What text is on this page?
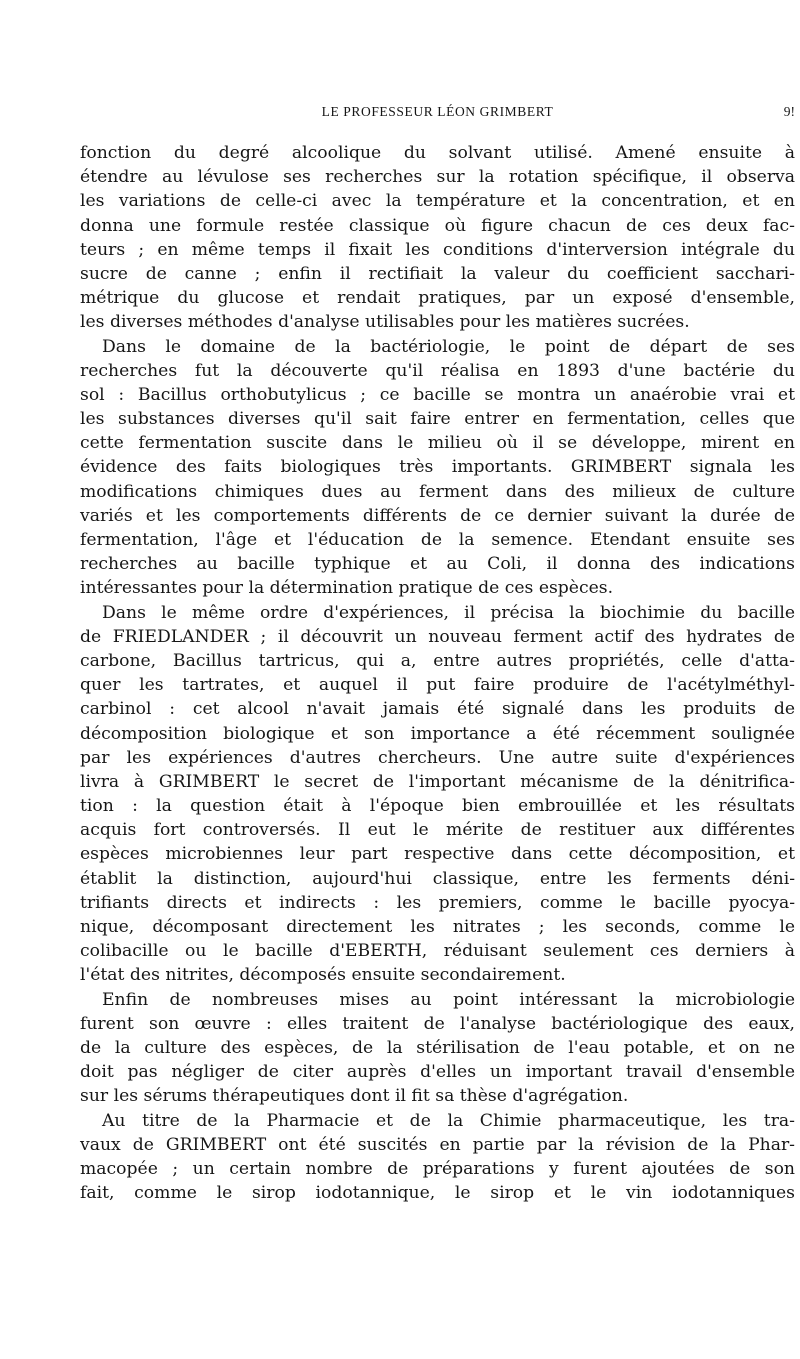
LE PROFESSEUR LÉON GRIMBERT	9!
fonction du degré alcoolique du solvant utilisé. Amené ensuite à
étendre au lévulose ses recherches sur la rotation spécifique, il observa
les variations de celle-ci avec la température et la concentration, et en
donna une formule restée classique où figure chacun de ces deux fac-
teurs ; en même temps il fixait les conditions d'interversion intégrale du
sucre de canne ; enfin il rectifiait la valeur du coefficient sacchari-
métrique du glucose et rendait pratiques, par un exposé d'ensemble,
les diverses méthodes d'analyse utilisables pour les matières sucrées.
Dans le domaine de la bactériologie, le point de départ de ses
recherches fut la découverte qu'il réalisa en 1893 d'une bactérie du
sol : Bacillus orthobutylicus ; ce bacille se montra un anaérobie vrai et
les substances diverses qu'il sait faire entrer en fermentation, celles que
cette fermentation suscite dans le milieu où il se développe, mirent en
évidence des faits biologiques très importants. GRIMBERT signala les
modifications chimiques dues au ferment dans des milieux de culture
variés et les comportements différents de ce dernier suivant la durée de
fermentation, l'âge et l'éducation de la semence. Etendant ensuite ses
recherches au bacille typhique et au Coli, il donna des indications
intéressantes pour la détermination pratique de ces espèces.
Dans le même ordre d'expériences, il précisa la biochimie du bacille
de FRIEDLANDER ; il découvrit un nouveau ferment actif des hydrates de
carbone, Bacillus tartricus, qui a, entre autres propriétés, celle d'atta-
quer les tartrates, et auquel il put faire produire de l'acétylméthyl-
carbinol : cet alcool n'avait jamais été signalé dans les produits de
décomposition biologique et son importance a été récemment soulignée
par les expériences d'autres chercheurs. Une autre suite d'expériences
livra à GRIMBERT le secret de l'important mécanisme de la dénitrifica-
tion : la question était à l'époque bien embrouillée et les résultats
acquis fort controversés. Il eut le mérite de restituer aux différentes
espèces microbiennes leur part respective dans cette décomposition, et
établit la distinction, aujourd'hui classique, entre les ferments déni-
trifiants directs et indirects : les premiers, comme le bacille pyocya-
nique, décomposant directement les nitrates ; les seconds, comme le
colibacille ou le bacille d'EBERTH, réduisant seulement ces derniers à
l'état des nitrites, décomposés ensuite secondairement.
Enfin de nombreuses mises au point intéressant la microbiologie
furent son œuvre : elles traitent de l'analyse bactériologique des eaux,
de la culture des espèces, de la stérilisation de l'eau potable, et on ne
doit pas négliger de citer auprès d'elles un important travail d'ensemble
sur les sérums thérapeutiques dont il fit sa thèse d'agrégation.
Au titre de la Pharmacie et de la Chimie pharmaceutique, les tra-
vaux de GRIMBERT ont été suscités en partie par la révision de la Phar-
macopée ; un certain nombre de préparations y furent ajoutées de son
fait, comme le sirop iodotannique, le sirop et le vin iodotanniques
